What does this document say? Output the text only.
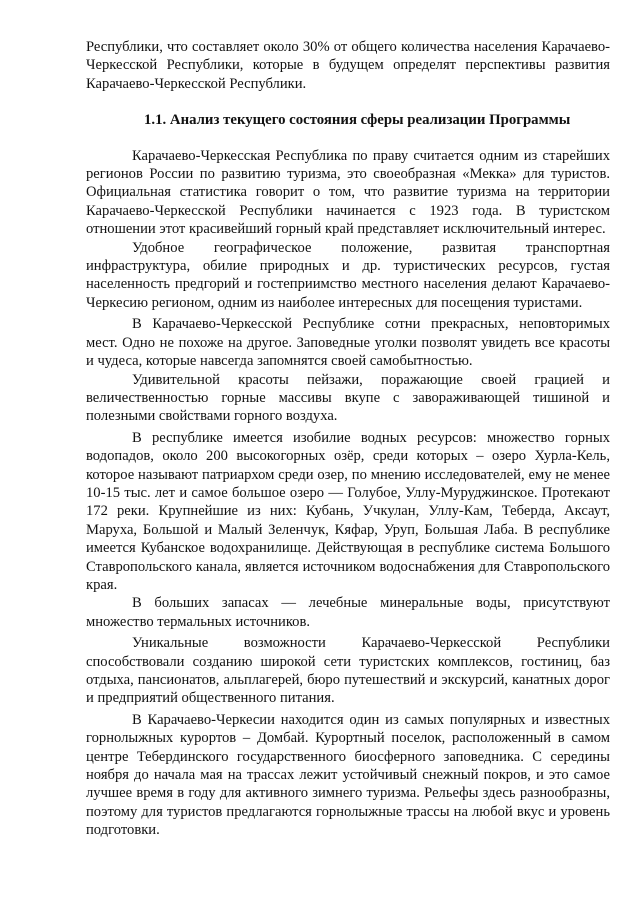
Республики, что составляет около 30% от общего количества населения Карачаево-Черкесской Республики, которые в будущем определят перспективы развития Карачаево-Черкесской Республики.

1.1. Анализ текущего состояния сферы реализации Программы

Карачаево-Черкесская Республика по праву считается одним из старейших регионов России по развитию туризма, это своеобразная «Мекка» для туристов. Официальная статистика говорит о том, что развитие туризма на территории Карачаево-Черкесской Республики начинается с 1923 года. В туристском отношении этот красивейший горный край представляет исключительный интерес.

Удобное географическое положение, развитая транспортная инфраструктура, обилие природных и др. туристических ресурсов, густая населенность предгорий и гостеприимство местного населения делают Карачаево-Черкесию регионом, одним из наиболее интересных для посещения туристами.

В Карачаево-Черкесской Республике сотни прекрасных, неповторимых мест. Одно не похоже на другое. Заповедные уголки позволят увидеть все красоты и чудеса, которые навсегда запомнятся своей самобытностью.

Удивительной красоты пейзажи, поражающие своей грацией и величественностью горные массивы вкупе с завораживающей тишиной и полезными свойствами горного воздуха.

В республике имеется изобилие водных ресурсов: множество горных водопадов, около 200 высокогорных озёр, среди которых – озеро Хурла-Кель, которое называют патриархом среди озер, по мнению исследователей, ему не менее 10-15 тыс. лет и самое большое озеро — Голубое, Уллу-Муруджинское. Протекают 172 реки. Крупнейшие из них: Кубань, Учкулан, Уллу-Кам, Теберда, Аксаут, Маруха, Большой и Малый Зеленчук, Кяфар, Уруп, Большая Лаба. В республике имеется Кубанское водохранилище. Действующая в республике система Большого Ставропольского канала, является источником водоснабжения для Ставропольского края.

В больших запасах — лечебные минеральные воды, присутствуют множество термальных источников.

Уникальные возможности Карачаево-Черкесской Республики способствовали созданию широкой сети туристских комплексов, гостиниц, баз отдыха, пансионатов, альплагерей, бюро путешествий и экскурсий, канатных дорог и предприятий общественного питания.

В Карачаево-Черкесии находится один из самых популярных и известных горнолыжных курортов – Домбай. Курортный поселок, расположенный в самом центре Тебердинского государственного биосферного заповедника. С середины ноября до начала мая на трассах лежит устойчивый снежный покров, и это самое лучшее время в году для активного зимнего туризма. Рельефы здесь разнообразны, поэтому для туристов предлагаются горнолыжные трассы на любой вкус и уровень подготовки.
